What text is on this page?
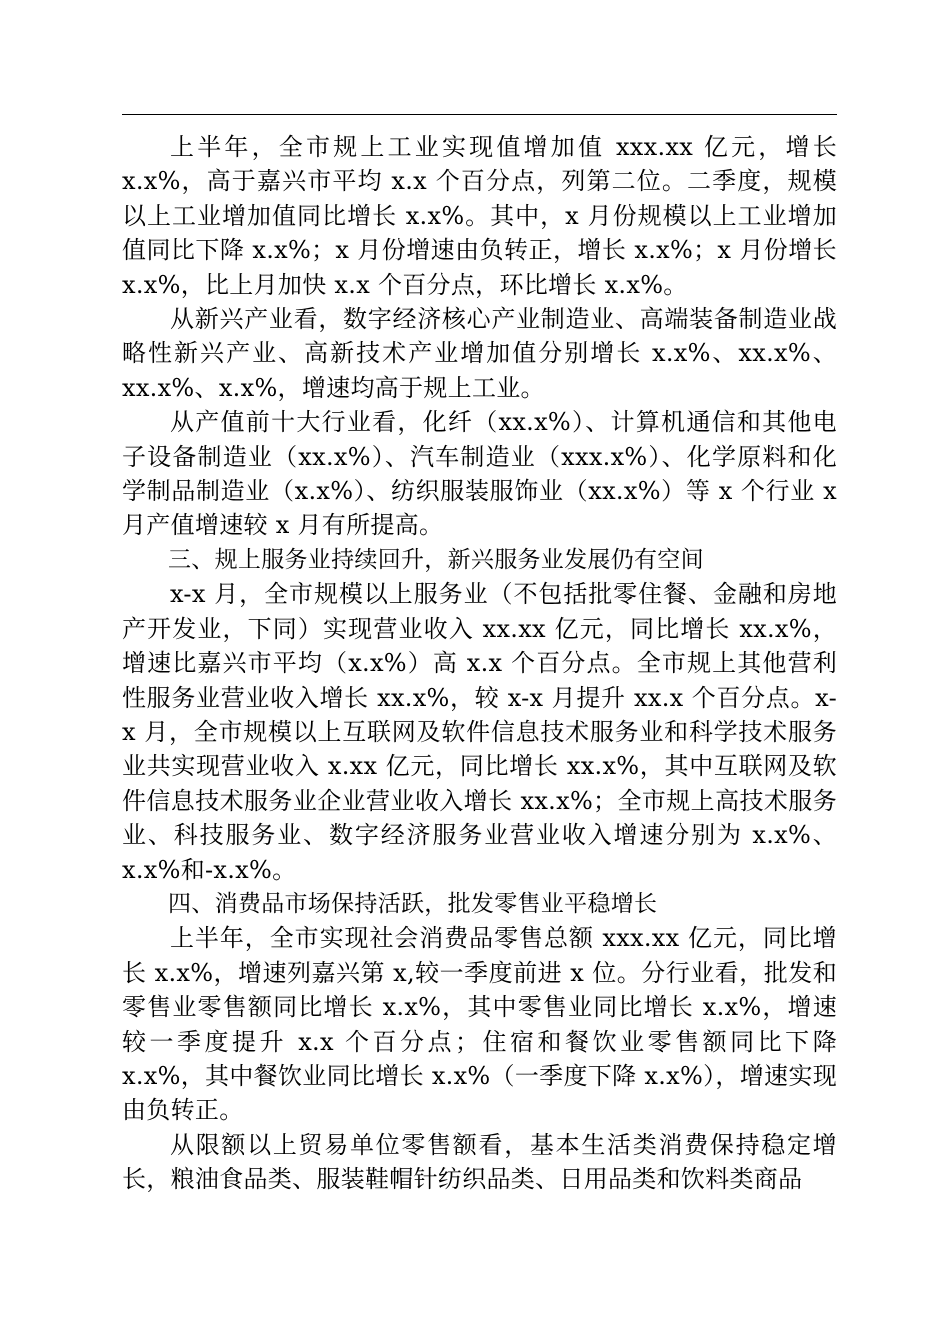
上半年，全市规上工业实现值增加值 xxx.xx 亿元，增长 x.x%，高于嘉兴市平均 x.x 个百分点，列第二位。二季度，规模以上工业增加值同比增长 x.x%。其中，x 月份规模以上工业增加值同比下降 x.x%；x 月份增速由负转正，增长 x.x%；x 月份增长 x.x%，比上月加快 x.x 个百分点，环比增长 x.x%。

从新兴产业看，数字经济核心产业制造业、高端装备制造业战略性新兴产业、高新技术产业增加值分别增长 x.x%、xx.x%、xx.x%、x.x%，增速均高于规上工业。

从产值前十大行业看，化纤（xx.x%）、计算机通信和其他电子设备制造业（xx.x%）、汽车制造业（xxx.x%）、化学原料和化学制品制造业（x.x%）、纺织服装服饰业（xx.x%）等 x 个行业 x 月产值增速较 x 月有所提高。

三、规上服务业持续回升，新兴服务业发展仍有空间

x-x 月，全市规模以上服务业（不包括批零住餐、金融和房地产开发业，下同）实现营业收入 xx.xx 亿元，同比增长 xx.x%，增速比嘉兴市平均（x.x%）高 x.x 个百分点。全市规上其他营利性服务业营业收入增长 xx.x%，较 x-x 月提升 xx.x 个百分点。x-x 月，全市规模以上互联网及软件信息技术服务业和科学技术服务业共实现营业收入 x.xx 亿元，同比增长 xx.x%，其中互联网及软件信息技术服务业企业营业收入增长 xx.x%；全市规上高技术服务业、科技服务业、数字经济服务业营业收入增速分别为 x.x%、x.x%和-x.x%。

四、消费品市场保持活跃，批发零售业平稳增长

上半年，全市实现社会消费品零售总额 xxx.xx 亿元，同比增长 x.x%，增速列嘉兴第 x,较一季度前进 x 位。分行业看，批发和零售业零售额同比增长 x.x%，其中零售业同比增长 x.x%，增速较一季度提升 x.x 个百分点；住宿和餐饮业零售额同比下降 x.x%，其中餐饮业同比增长 x.x%（一季度下降 x.x%），增速实现由负转正。

从限额以上贸易单位零售额看，基本生活类消费保持稳定增长，粮油食品类、服装鞋帽针纺织品类、日用品类和饮料类商品
